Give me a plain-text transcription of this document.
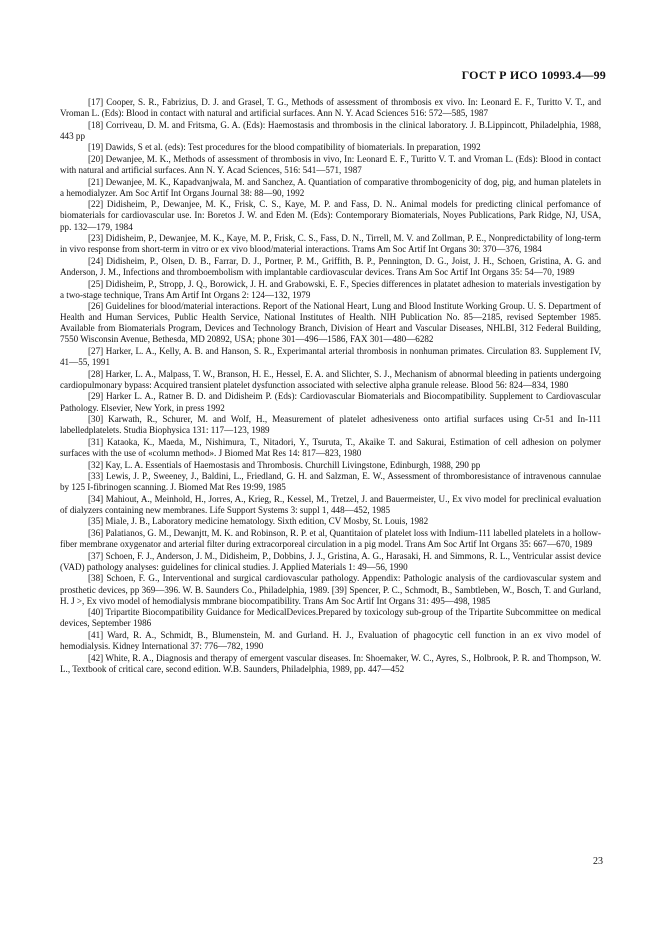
ГОСТ Р ИСО 10993.4—99

[17] Cooper, S. R., Fabrizius, D. J. and Grasel, T. G., Methods of assessment of thrombosis ex vivo. In: Leonard E. F., Turitto V. T., and Vroman L. (Eds): Blood in contact with natural and artificial surfaces. Ann N. Y. Acad Sciences 516: 572—585, 1987

[18] Corriveau, D. M. and Fritsma, G. A. (Eds): Haemostasis and thrombosis in the clinical laboratory. J. B.Lippincott, Philadelphia, 1988, 443 pp

[19] Dawids, S et al. (eds): Test procedures for the blood compatibility of biomaterials. In preparation, 1992

[20] Dewanjee, M. K., Methods of assessment of thrombosis in vivo, In: Leonard E. F., Turitto V. T. and Vroman L. (Eds): Blood in contact with natural and artificial surfaces. Ann N. Y. Acad Sciences, 516: 541—571, 1987

[21] Dewanjee, M. K., Kapadvanjwala, M. and Sanchez, A. Quantiation of comparative thrombogenicity of dog, pig, and human platelets in a hemodialyzer. Am Soc Artif Int Organs Journal 38: 88—90, 1992

[22] Didisheim, P., Dewanjee, M. K., Frisk, C. S., Kaye, M. P. and Fass, D. N.. Animal models for predicting clinical perfomance of biomaterials for cardiovascular use. In: Boretos J. W. and Eden M. (Eds): Contemporary Biomaterials, Noyes Publications, Park Ridge, NJ, USA, pp. 132—179, 1984

[23] Didisheim, P., Dewanjee, M. K., Kaye, M. P., Frisk, C. S., Fass, D. N., Tirrell, M. V. and Zollman, P. E., Nonpredictability of long-term in vivo response from short-term in vitro or ex vivo blood/material interactions. Trams Am Soc Artif Int Organs 30: 370—376, 1984

[24] Didisheim, P., Olsen, D. B., Farrar, D. J., Portner, P. M., Griffith, B. P., Pennington, D. G., Joist, J. H., Schoen, Gristina, A. G. and Anderson, J. M., Infections and thromboembolism with implantable cardiovascular devices. Trans Am Soc Artif Int Organs 35: 54—70, 1989

[25] Didisheim, P., Stropp, J. Q., Borowick, J. H. and Grabowski, E. F., Species differences in platatet adhesion to materials investigation by a two-stage technique, Trans Am Artif Int Organs 2: 124—132, 1979

[26] Guidelines for blood/material interactions. Report of the National Heart, Lung and Blood Institute Working Group. U. S. Department of Health and Human Services, Public Health Service, National Institutes of Health. NIH Publication No. 85—2185, revised September 1985. Available from Biomaterials Program, Devices and Technology Branch, Division of Heart and Vascular Diseases, NHLBI, 312 Federal Building, 7550 Wisconsin Avenue, Bethesda, MD 20892, USA; phone 301—496—1586, FAX 301—480—6282

[27] Harker, L. A., Kelly, A. B. and Hanson, S. R., Experimantal arterial thrombosis in nonhuman primates. Circulation 83. Supplement IV, 41—55, 1991

[28] Harker, L. A., Malpass, T. W., Branson, H. E., Hessel, E. A. and Slichter, S. J., Mechanism of abnormal bleeding in patients undergoing cardiopulmonary bypass: Acquired transient platelet dysfunction associated with selective alpha granule release. Blood 56: 824—834, 1980

[29] Harker L. A., Ratner B. D. and Didisheim P. (Eds): Cardiovascular Biomaterials and Biocompatibility. Supplement to Cardiovascular Pathology. Elsevier, New York, in press 1992

[30] Karwath, R., Schurer, M. and Wolf, H., Measurement of platelet adhesiveness onto artifial surfaces using Cr-51 and In-111 labelledplatelets. Studia Biophysica 131: 117—123, 1989

[31] Kataoka, K., Maeda, M., Nishimura, T., Nitadori, Y., Tsuruta, T., Akaike T. and Sakurai, Estimation of cell adhesion on polymer surfaces with the use of «column method». J Biomed Mat Res 14: 817—823, 1980

[32] Kay, L. A. Essentials of Haemostasis and Thrombosis. Churchill Livingstone, Edinburgh, 1988, 290 pp

[33] Lewis, J. P., Sweeney, J., Baldini, L., Friedland, G. H. and Salzman, E. W., Assessment of thromboresistance of intravenous cannulae by 125 I-fibrinogen scanning. J. Biomed Mat Res 19:99, 1985

[34] Mahiout, A., Meinhold, H., Jorres, A., Krieg, R., Kessel, M., Tretzel, J. and Bauermeister, U., Ex vivo model for preclinical evaluation of dialyzers containing new membranes. Life Support Systems 3: suppl 1, 448—452, 1985

[35] Miale, J. B., Laboratory medicine hematology. Sixth edition, CV Mosby, St. Louis, 1982

[36] Palatianos, G. M., Dewanjtt, M. K. and Robinson, R. P. et al, Quantitaion of platelet loss with Indium-111 labelled platelets in a hollow-fiber membrane oxygenator and arterial filter during extracorporeal circulation in a pig model. Trans Am Soc Artif Int Organs 35: 667—670, 1989

[37] Schoen, F. J., Anderson, J. M., Didisheim, P., Dobbins, J. J., Gristina, A. G., Harasaki, H. and Simmons, R. L., Ventricular assist device (VAD) pathology analyses: guidelines for clinical studies. J. Applied Materials 1: 49—56, 1990

[38] Schoen, F. G., Interventional and surgical cardiovascular pathology. Appendix: Pathologic analysis of the cardiovascular system and prosthetic devices, pp 369—396. W. B. Saunders Co., Philadelphia, 1989. [39] Spencer, P. C., Schmodt, B., Sambtleben, W., Bosch, T. and Gurland, H. J >, Ex vivo model of hemodialysis mmbrane biocompatibility. Trans Am Soc Artif Int Organs 31: 495—498, 1985

[40] Tripartite Biocompatibility Guidance for MedicalDevices.Prepared by toxicology sub-group of the Tripartite Subcommittee on medical devices, September 1986

[41] Ward, R. A., Schmidt, B., Blumenstein, M. and Gurland. H. J., Evaluation of phagocytic cell function in an ex vivo model of hemodialysis. Kidney International 37: 776—782, 1990

[42] White, R. A., Diagnosis and therapy of emergent vascular diseases. In: Shoemaker, W. C., Ayres, S., Holbrook, P. R. and Thompson, W. L., Textbook of critical care, second edition. W.B. Saunders, Philadelphia, 1989, pp. 447—452

23
